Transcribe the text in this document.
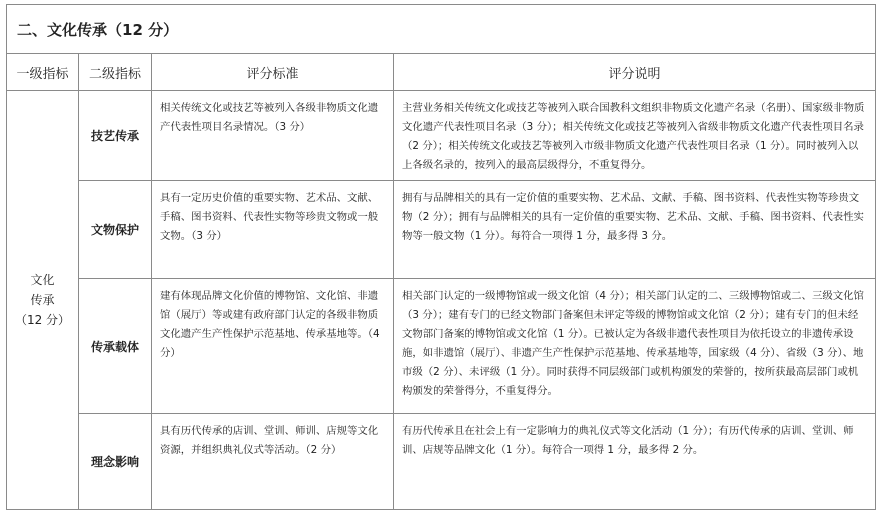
二、文化传承（12 分）			
一级指标	二级指标	评分标准	评分说明

文化
传承
（12 分）	技艺传承	相关传统文化或技艺等被列入各级非物质文化遗产代表性项目名录情况。（3 分）	主营业务相关传统文化或技艺等被列入联合国教科文组织非物质文化遗产名录（名册）、国家级非物质文化遗产代表性项目名录（3 分）；相关传统文化或技艺等被列入省级非物质文化遗产代表性项目名录（2 分）；相关传统文化或技艺等被列入市级非物质文化遗产代表性项目名录（1 分）。同时被列入以上各级名录的，按列入的最高层级得分，不重复得分。
	文物保护	具有一定历史价值的重要实物、艺术品、文献、手稿、图书资料、代表性实物等珍贵文物或一般文物。（3 分）	拥有与品牌相关的具有一定价值的重要实物、艺术品、文献、手稿、图书资料、代表性实物等珍贵文物（2 分）；拥有与品牌相关的具有一定价值的重要实物、艺术品、文献、手稿、图书资料、代表性实物等一般文物（1 分）。每符合一项得 1 分，最多得 3 分。
	传承载体	建有体现品牌文化价值的博物馆、文化馆、非遗馆（展厅）等或建有政府部门认定的各级非物质文化遗产生产性保护示范基地、传承基地等。（4 分）	相关部门认定的一级博物馆或一级文化馆（4 分）；相关部门认定的二、三级博物馆或二、三级文化馆（3 分）；建有专门的已经文物部门备案但未评定等级的博物馆或文化馆（2 分）；建有专门的但未经文物部门备案的博物馆或文化馆（1 分）。已被认定为各级非遗代表性项目为依托设立的非遗传承设施，如非遗馆（展厅）、非遗产生产性保护示范基地、传承基地等，国家级（4 分）、省级（3 分）、地市级（2 分）、未评级（1 分）。同时获得不同层级部门或机构颁发的荣誉的，按所获最高层部门或机构颁发的荣誉得分，不重复得分。
	理念影响	具有历代传承的店训、堂训、师训、店规等文化资源，并组织典礼仪式等活动。（2 分）	有历代传承且在社会上有一定影响力的典礼仪式等文化活动（1 分）；有历代传承的店训、堂训、师训、店规等品牌文化（1 分）。每符合一项得 1 分，最多得 2 分。
